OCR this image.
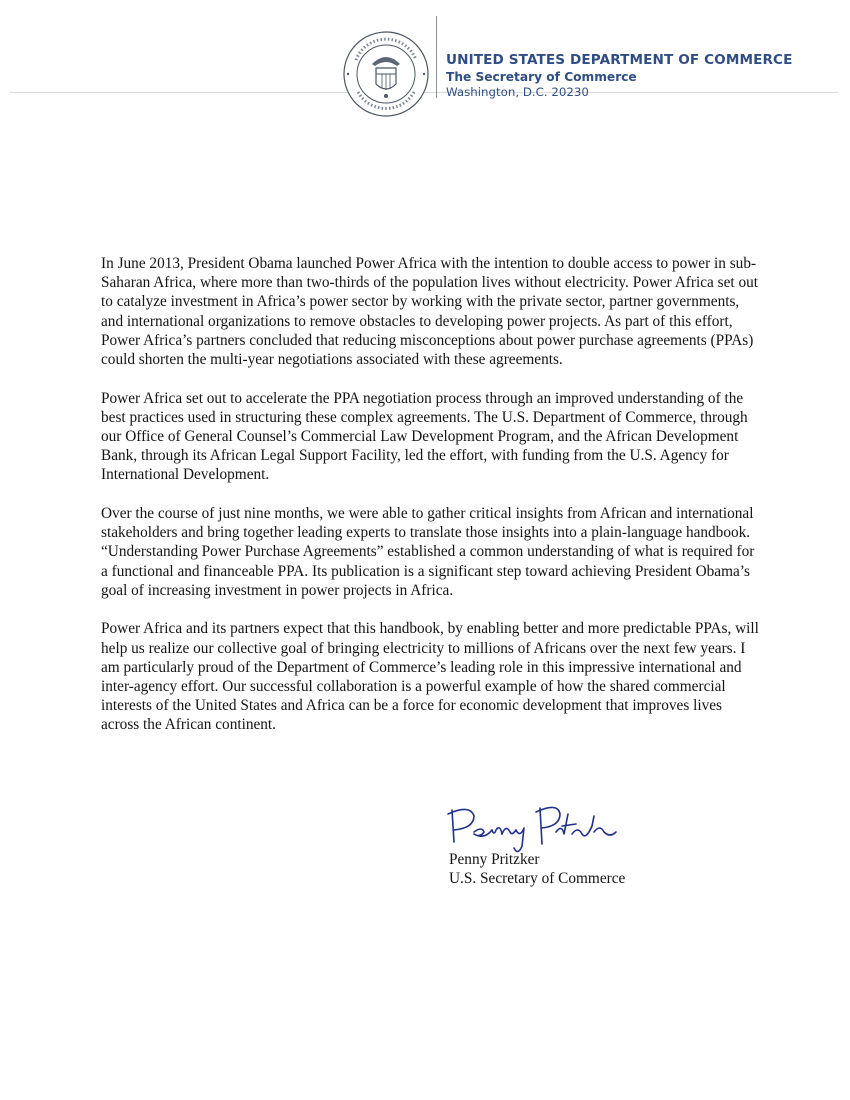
UNITED STATES DEPARTMENT OF COMMERCE
The Secretary of Commerce
Washington, D.C. 20230

In June 2013, President Obama launched Power Africa with the intention to double access to power in sub-Saharan Africa, where more than two-thirds of the population lives without electricity. Power Africa set out to catalyze investment in Africa’s power sector by working with the private sector, partner governments, and international organizations to remove obstacles to developing power projects. As part of this effort, Power Africa’s partners concluded that reducing misconceptions about power purchase agreements (PPAs) could shorten the multi-year negotiations associated with these agreements.

Power Africa set out to accelerate the PPA negotiation process through an improved understanding of the best practices used in structuring these complex agreements. The U.S. Department of Commerce, through our Office of General Counsel’s Commercial Law Development Program, and the African Development Bank, through its African Legal Support Facility, led the effort, with funding from the U.S. Agency for International Development.

Over the course of just nine months, we were able to gather critical insights from African and international stakeholders and bring together leading experts to translate those insights into a plain-language handbook. “Understanding Power Purchase Agreements” established a common understanding of what is required for a functional and financeable PPA. Its publication is a significant step toward achieving President Obama’s goal of increasing investment in power projects in Africa.

Power Africa and its partners expect that this handbook, by enabling better and more predictable PPAs, will help us realize our collective goal of bringing electricity to millions of Africans over the next few years. I am particularly proud of the Department of Commerce’s leading role in this impressive international and inter-agency effort. Our successful collaboration is a powerful example of how the shared commercial interests of the United States and Africa can be a force for economic development that improves lives across the African continent.

Penny Pritzker
U.S. Secretary of Commerce
